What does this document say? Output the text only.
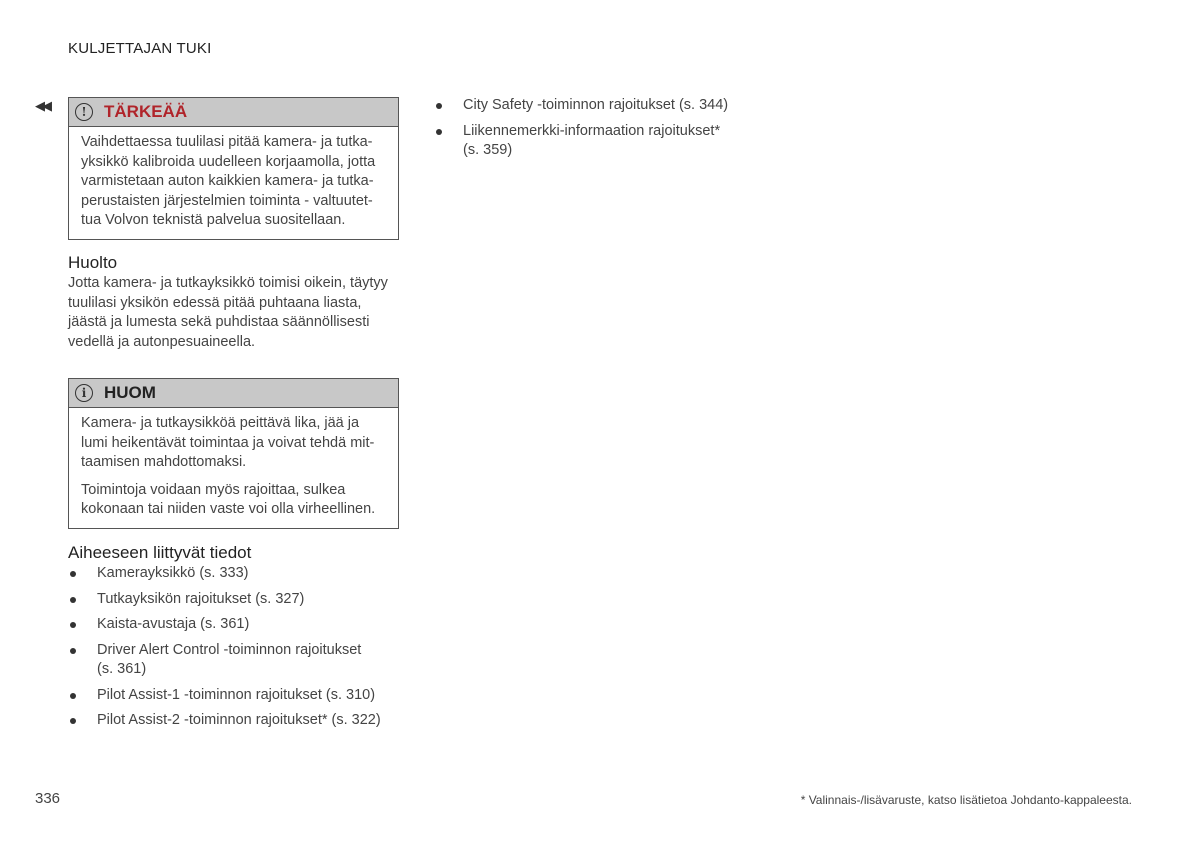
KULJETTAJAN TUKI
◀◀	!	TÄRKEÄÄ
Vaihdettaessa tuulilasi pitää kamera- ja tutka-
yksikkö kalibroida uudelleen korjaamolla, jotta
varmistetaan auton kaikkien kamera- ja tutka-
perustaisten järjestelmien toiminta - valtuutet-
tua Volvon teknistä palvelua suositellaan.
Huolto
Jotta kamera- ja tutkayksikkö toimisi oikein, täytyy
tuulilasi yksikön edessä pitää puhtaana liasta,
jäästä ja lumesta sekä puhdistaa säännöllisesti
vedellä ja autonpesuaineella.
i	HUOM

Kamera- ja tutkaysikköä peittävä lika, jää ja
lumi heikentävät toimintaa ja voivat tehdä mit-
taamisen mahdottomaksi.

Toimintoja voidaan myös rajoittaa, sulkea
kokonaan tai niiden vaste voi olla virheellinen.

Aiheeseen liittyvät tiedot
Kamerayksikkö (s. 333)
Tutkayksikön rajoitukset (s. 327)
Kaista-avustaja (s. 361)
Driver Alert Control -toiminnon rajoitukset
(s. 361)
Pilot Assist-1 -toiminnon rajoitukset (s. 310)
Pilot Assist-2 -toiminnon rajoitukset* (s. 322)
City Safety -toiminnon rajoitukset (s. 344)
Liikennemerkki-informaation rajoitukset*
(s. 359)
336	* Valinnais-/lisävaruste, katso lisätietoa Johdanto-kappaleesta.
